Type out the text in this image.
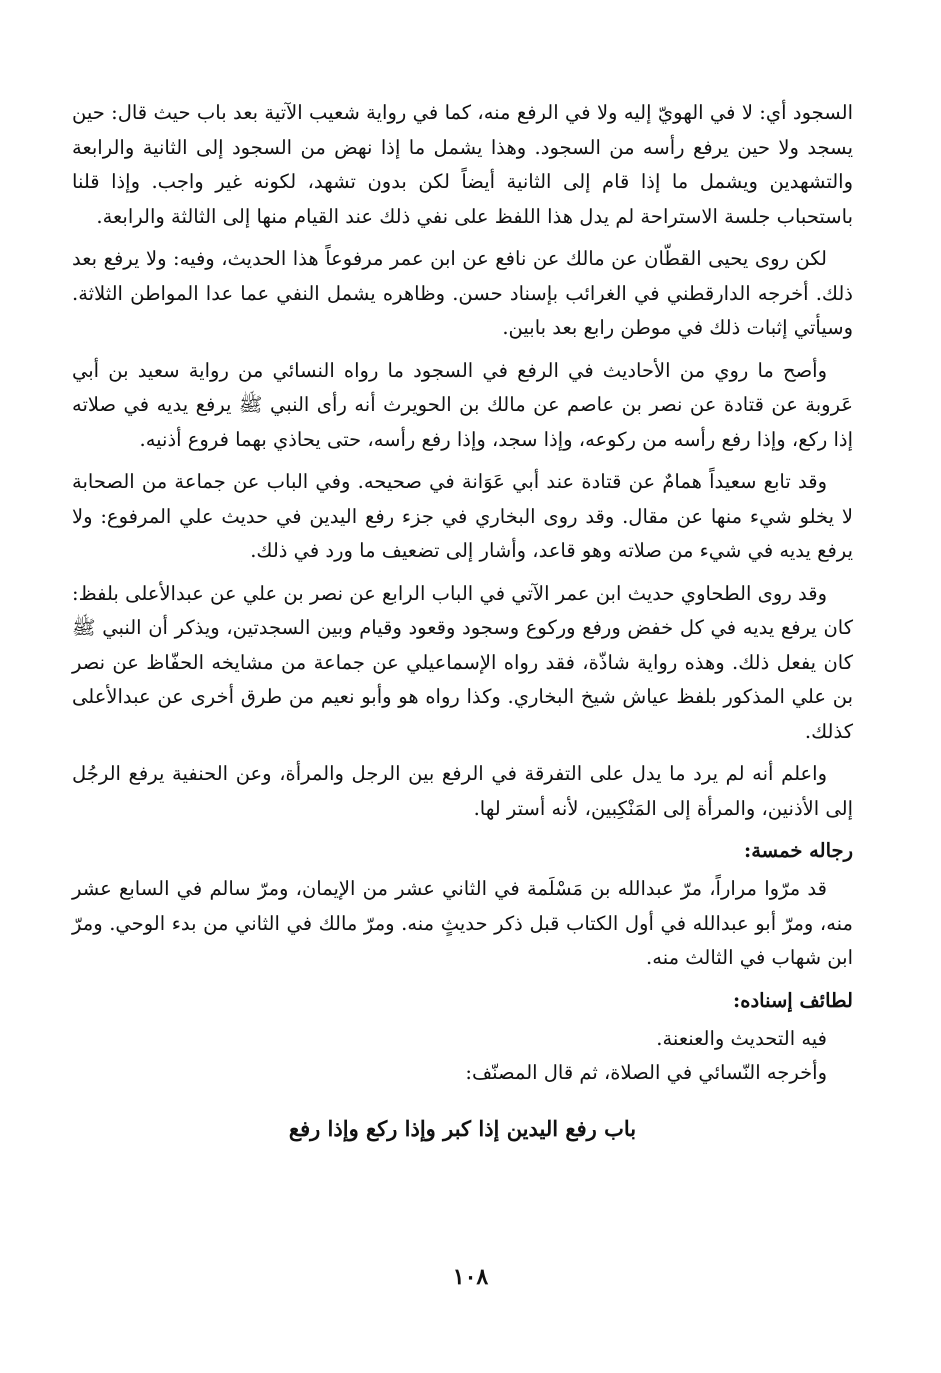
السجود أي: لا في الهويّ إليه ولا في الرفع منه، كما في رواية شعيب الآتية بعد باب حيث قال: حين يسجد ولا حين يرفع رأسه من السجود. وهذا يشمل ما إذا نهض من السجود إلى الثانية والرابعة والتشهدين ويشمل ما إذا قام إلى الثانية أيضاً لكن بدون تشهد، لكونه غير واجب. وإذا قلنا باستحباب جلسة الاستراحة لم يدل هذا اللفظ على نفي ذلك عند القيام منها إلى الثالثة والرابعة.

لكن روى يحيى القطّان عن مالك عن نافع عن ابن عمر مرفوعاً هذا الحديث، وفيه: ولا يرفع بعد ذلك. أخرجه الدارقطني في الغرائب بإسناد حسن. وظاهره يشمل النفي عما عدا المواطن الثلاثة. وسيأتي إثبات ذلك في موطن رابع بعد بابين.

وأصح ما روي من الأحاديث في الرفع في السجود ما رواه النسائي من رواية سعيد بن أبي عَروبة عن قتادة عن نصر بن عاصم عن مالك بن الحويرث أنه رأى النبي ﷺ يرفع يديه في صلاته إذا ركع، وإذا رفع رأسه من ركوعه، وإذا سجد، وإذا رفع رأسه، حتى يحاذي بهما فروع أذنيه.

وقد تابع سعيداً همامٌ عن قتادة عند أبي عَوَانة في صحيحه. وفي الباب عن جماعة من الصحابة لا يخلو شيء منها عن مقال. وقد روى البخاري في جزء رفع اليدين في حديث علي المرفوع: ولا يرفع يديه في شيء من صلاته وهو قاعد، وأشار إلى تضعيف ما ورد في ذلك.

وقد روى الطحاوي حديث ابن عمر الآتي في الباب الرابع عن نصر بن علي عن عبدالأعلى بلفظ: كان يرفع يديه في كل خفض ورفع وركوع وسجود وقعود وقيام وبين السجدتين، ويذكر أن النبي ﷺ كان يفعل ذلك. وهذه رواية شاذّة، فقد رواه الإسماعيلي عن جماعة من مشايخه الحفّاظ عن نصر بن علي المذكور بلفظ عياش شيخ البخاري. وكذا رواه هو وأبو نعيم من طرق أخرى عن عبدالأعلى كذلك.

واعلم أنه لم يرد ما يدل على التفرقة في الرفع بين الرجل والمرأة، وعن الحنفية يرفع الرجُل إلى الأذنين، والمرأة إلى المَنْكِبين، لأنه أستر لها.

رجاله خمسة:

قد مرّوا مراراً، مرّ عبدالله بن مَسْلَمة في الثاني عشر من الإيمان، ومرّ سالم في السابع عشر منه، ومرّ أبو عبدالله في أول الكتاب قبل ذكر حديثٍ منه. ومرّ مالك في الثاني من بدء الوحي. ومرّ ابن شهاب في الثالث منه.

لطائف إسناده:

فيه التحديث والعنعنة.

وأخرجه النّسائي في الصلاة، ثم قال المصنّف:

باب رفع اليدين إذا كبر وإذا ركع وإذا رفع
١٠٨
